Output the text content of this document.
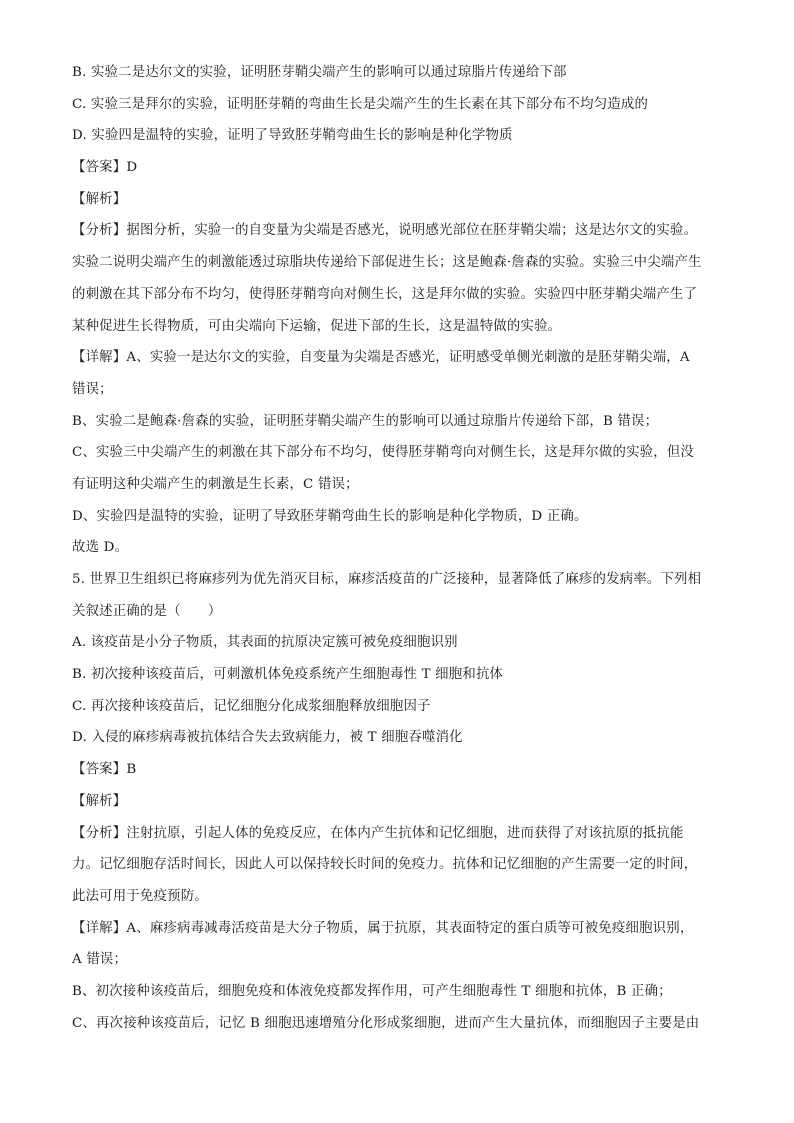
B. 实验二是达尔文的实验，证明胚芽鞘尖端产生的影响可以通过琼脂片传递给下部
C. 实验三是拜尔的实验，证明胚芽鞘的弯曲生长是尖端产生的生长素在其下部分布不均匀造成的
D. 实验四是温特的实验，证明了导致胚芽鞘弯曲生长的影响是种化学物质
【答案】D
【解析】
【分析】据图分析，实验一的自变量为尖端是否感光，说明感光部位在胚芽鞘尖端；这是达尔文的实验。
实验二说明尖端产生的刺激能透过琼脂块传递给下部促进生长；这是鲍森·詹森的实验。实验三中尖端产生
的刺激在其下部分布不均匀，使得胚芽鞘弯向对侧生长，这是拜尔做的实验。实验四中胚芽鞘尖端产生了
某种促进生长得物质，可由尖端向下运输，促进下部的生长，这是温特做的实验。
【详解】A、实验一是达尔文的实验，自变量为尖端是否感光，证明感受单侧光刺激的是胚芽鞘尖端，A
错误；
B、实验二是鲍森·詹森的实验，证明胚芽鞘尖端产生的影响可以通过琼脂片传递给下部，B 错误；
C、实验三中尖端产生的刺激在其下部分布不均匀，使得胚芽鞘弯向对侧生长，这是拜尔做的实验，但没
有证明这种尖端产生的刺激是生长素，C 错误；
D、实验四是温特的实验，证明了导致胚芽鞘弯曲生长的影响是种化学物质，D 正确。
故选 D。
5. 世界卫生组织已将麻疹列为优先消灭目标，麻疹活疫苗的广泛接种，显著降低了麻疹的发病率。下列相
关叙述正确的是（　　）
A. 该疫苗是小分子物质，其表面的抗原决定簇可被免疫细胞识别
B. 初次接种该疫苗后，可刺激机体免疫系统产生细胞毒性 T 细胞和抗体
C. 再次接种该疫苗后，记忆细胞分化成浆细胞释放细胞因子
D. 入侵的麻疹病毒被抗体结合失去致病能力，被 T 细胞吞噬消化
【答案】B
【解析】
【分析】注射抗原，引起人体的免疫反应，在体内产生抗体和记忆细胞，进而获得了对该抗原的抵抗能
力。记忆细胞存活时间长，因此人可以保持较长时间的免疫力。抗体和记忆细胞的产生需要一定的时间，
此法可用于免疫预防。
【详解】A、麻疹病毒减毒活疫苗是大分子物质，属于抗原，其表面特定的蛋白质等可被免疫细胞识别，
A 错误；
B、初次接种该疫苗后，细胞免疫和体液免疫都发挥作用，可产生细胞毒性 T 细胞和抗体，B 正确；
C、再次接种该疫苗后，记忆 B 细胞迅速增殖分化形成浆细胞，进而产生大量抗体，而细胞因子主要是由
